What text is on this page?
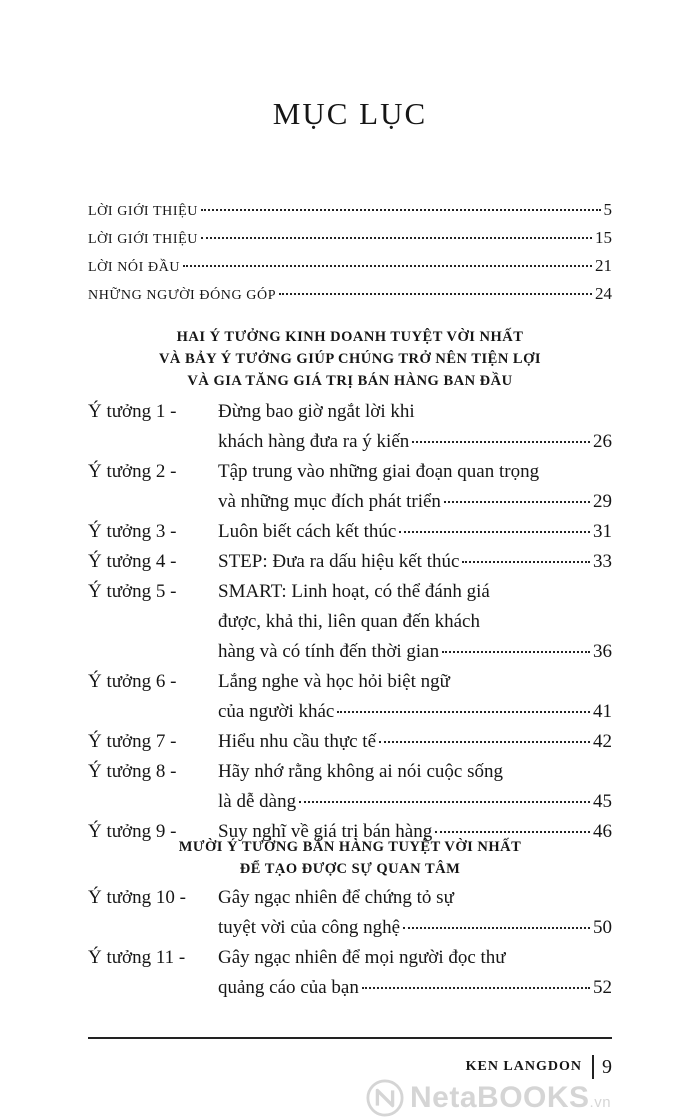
MỤC LỤC
LỜI GIỚI THIỆU	5
LỜI GIỚI THIỆU	15
LỜI NÓI ĐẦU	21
NHỮNG NGƯỜI ĐÓNG GÓP	24
HAI Ý TƯỞNG KINH DOANH TUYỆT VỜI NHẤT
VÀ BẢY Ý TƯỞNG GIÚP CHÚNG TRỞ NÊN TIỆN LỢI
VÀ GIA TĂNG GIÁ TRỊ BÁN HÀNG BAN ĐẦU
Ý tưởng 1 -	Đừng bao giờ ngắt lời khi
khách hàng đưa ra ý kiến	26
Ý tưởng 2 -	Tập trung vào những giai đoạn quan trọng
và những mục đích phát triển	29
Ý tưởng 3 -	Luôn biết cách kết thúc	31
Ý tưởng 4 -	STEP: Đưa ra dấu hiệu kết thúc	33
Ý tưởng 5 -	SMART: Linh hoạt, có thể đánh giá
được, khả thi, liên quan đến khách
hàng và có tính đến thời gian	36
Ý tưởng 6 -	Lắng nghe và học hỏi biệt ngữ
của người khác	41
Ý tưởng 7 -	Hiểu nhu cầu thực tế	42
Ý tưởng 8 -	Hãy nhớ rằng không ai nói cuộc sống
là dễ dàng	45
Ý tưởng 9 -	Suy nghĩ về giá trị bán hàng	46
MƯỜI Ý TƯỞNG BÁN HÀNG TUYỆT VỜI NHẤT
ĐỂ TẠO ĐƯỢC SỰ QUAN TÂM
Ý tưởng 10 -	Gây ngạc nhiên để chứng tỏ sự
tuyệt vời của công nghệ	50
Ý tưởng 11 -	Gây ngạc nhiên để mọi người đọc thư
quảng cáo của bạn	52
KEN LANGDON 9
NetaBOOKS.vn
